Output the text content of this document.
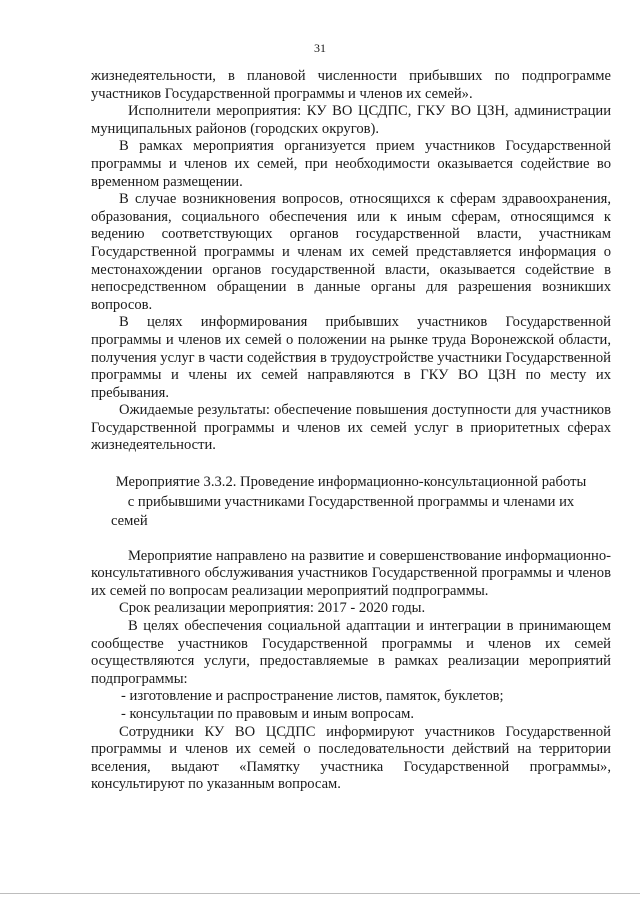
31

жизнедеятельности, в плановой численности прибывших по подпрограмме участников Государственной программы и членов их семей».

Исполнители мероприятия: КУ ВО ЦСДПС, ГКУ ВО ЦЗН, администрации муниципальных районов (городских округов).

В рамках мероприятия организуется прием участников Государственной программы и членов их семей, при необходимости оказывается содействие во временном размещении.

В случае возникновения вопросов, относящихся к сферам здравоохранения, образования, социального обеспечения или к иным сферам, относящимся к ведению соответствующих органов государственной власти, участникам Государственной программы и членам их семей представляется информация о местонахождении органов государственной власти, оказывается содействие в непосредственном обращении в данные органы для разрешения возникших вопросов.

В целях информирования прибывших участников Государственной программы и членов их семей о положении на рынке труда Воронежской области, получения услуг в части содействия в трудоустройстве участники Государственной программы и члены их семей направляются в ГКУ ВО ЦЗН по месту их пребывания.

Ожидаемые результаты: обеспечение повышения доступности для участников Государственной программы и членов их семей услуг в приоритетных сферах жизнедеятельности.

Мероприятие 3.3.2. Проведение информационно-консультационной работы с прибывшими участниками Государственной программы и членами их семей

Мероприятие направлено на развитие и совершенствование информационно-консультативного обслуживания участников Государственной программы и членов их семей по вопросам реализации мероприятий подпрограммы.

Срок реализации мероприятия: 2017 - 2020 годы.

В целях обеспечения социальной адаптации и интеграции в принимающем сообществе участников Государственной программы и членов их семей осуществляются услуги, предоставляемые в рамках реализации мероприятий подпрограммы:

- изготовление и распространение листов, памяток, буклетов;

- консультации по правовым и иным вопросам.

Сотрудники КУ ВО ЦСДПС информируют участников Государственной программы и членов их семей о последовательности действий на территории вселения, выдают «Памятку участника Государственной программы», консультируют по указанным вопросам.
